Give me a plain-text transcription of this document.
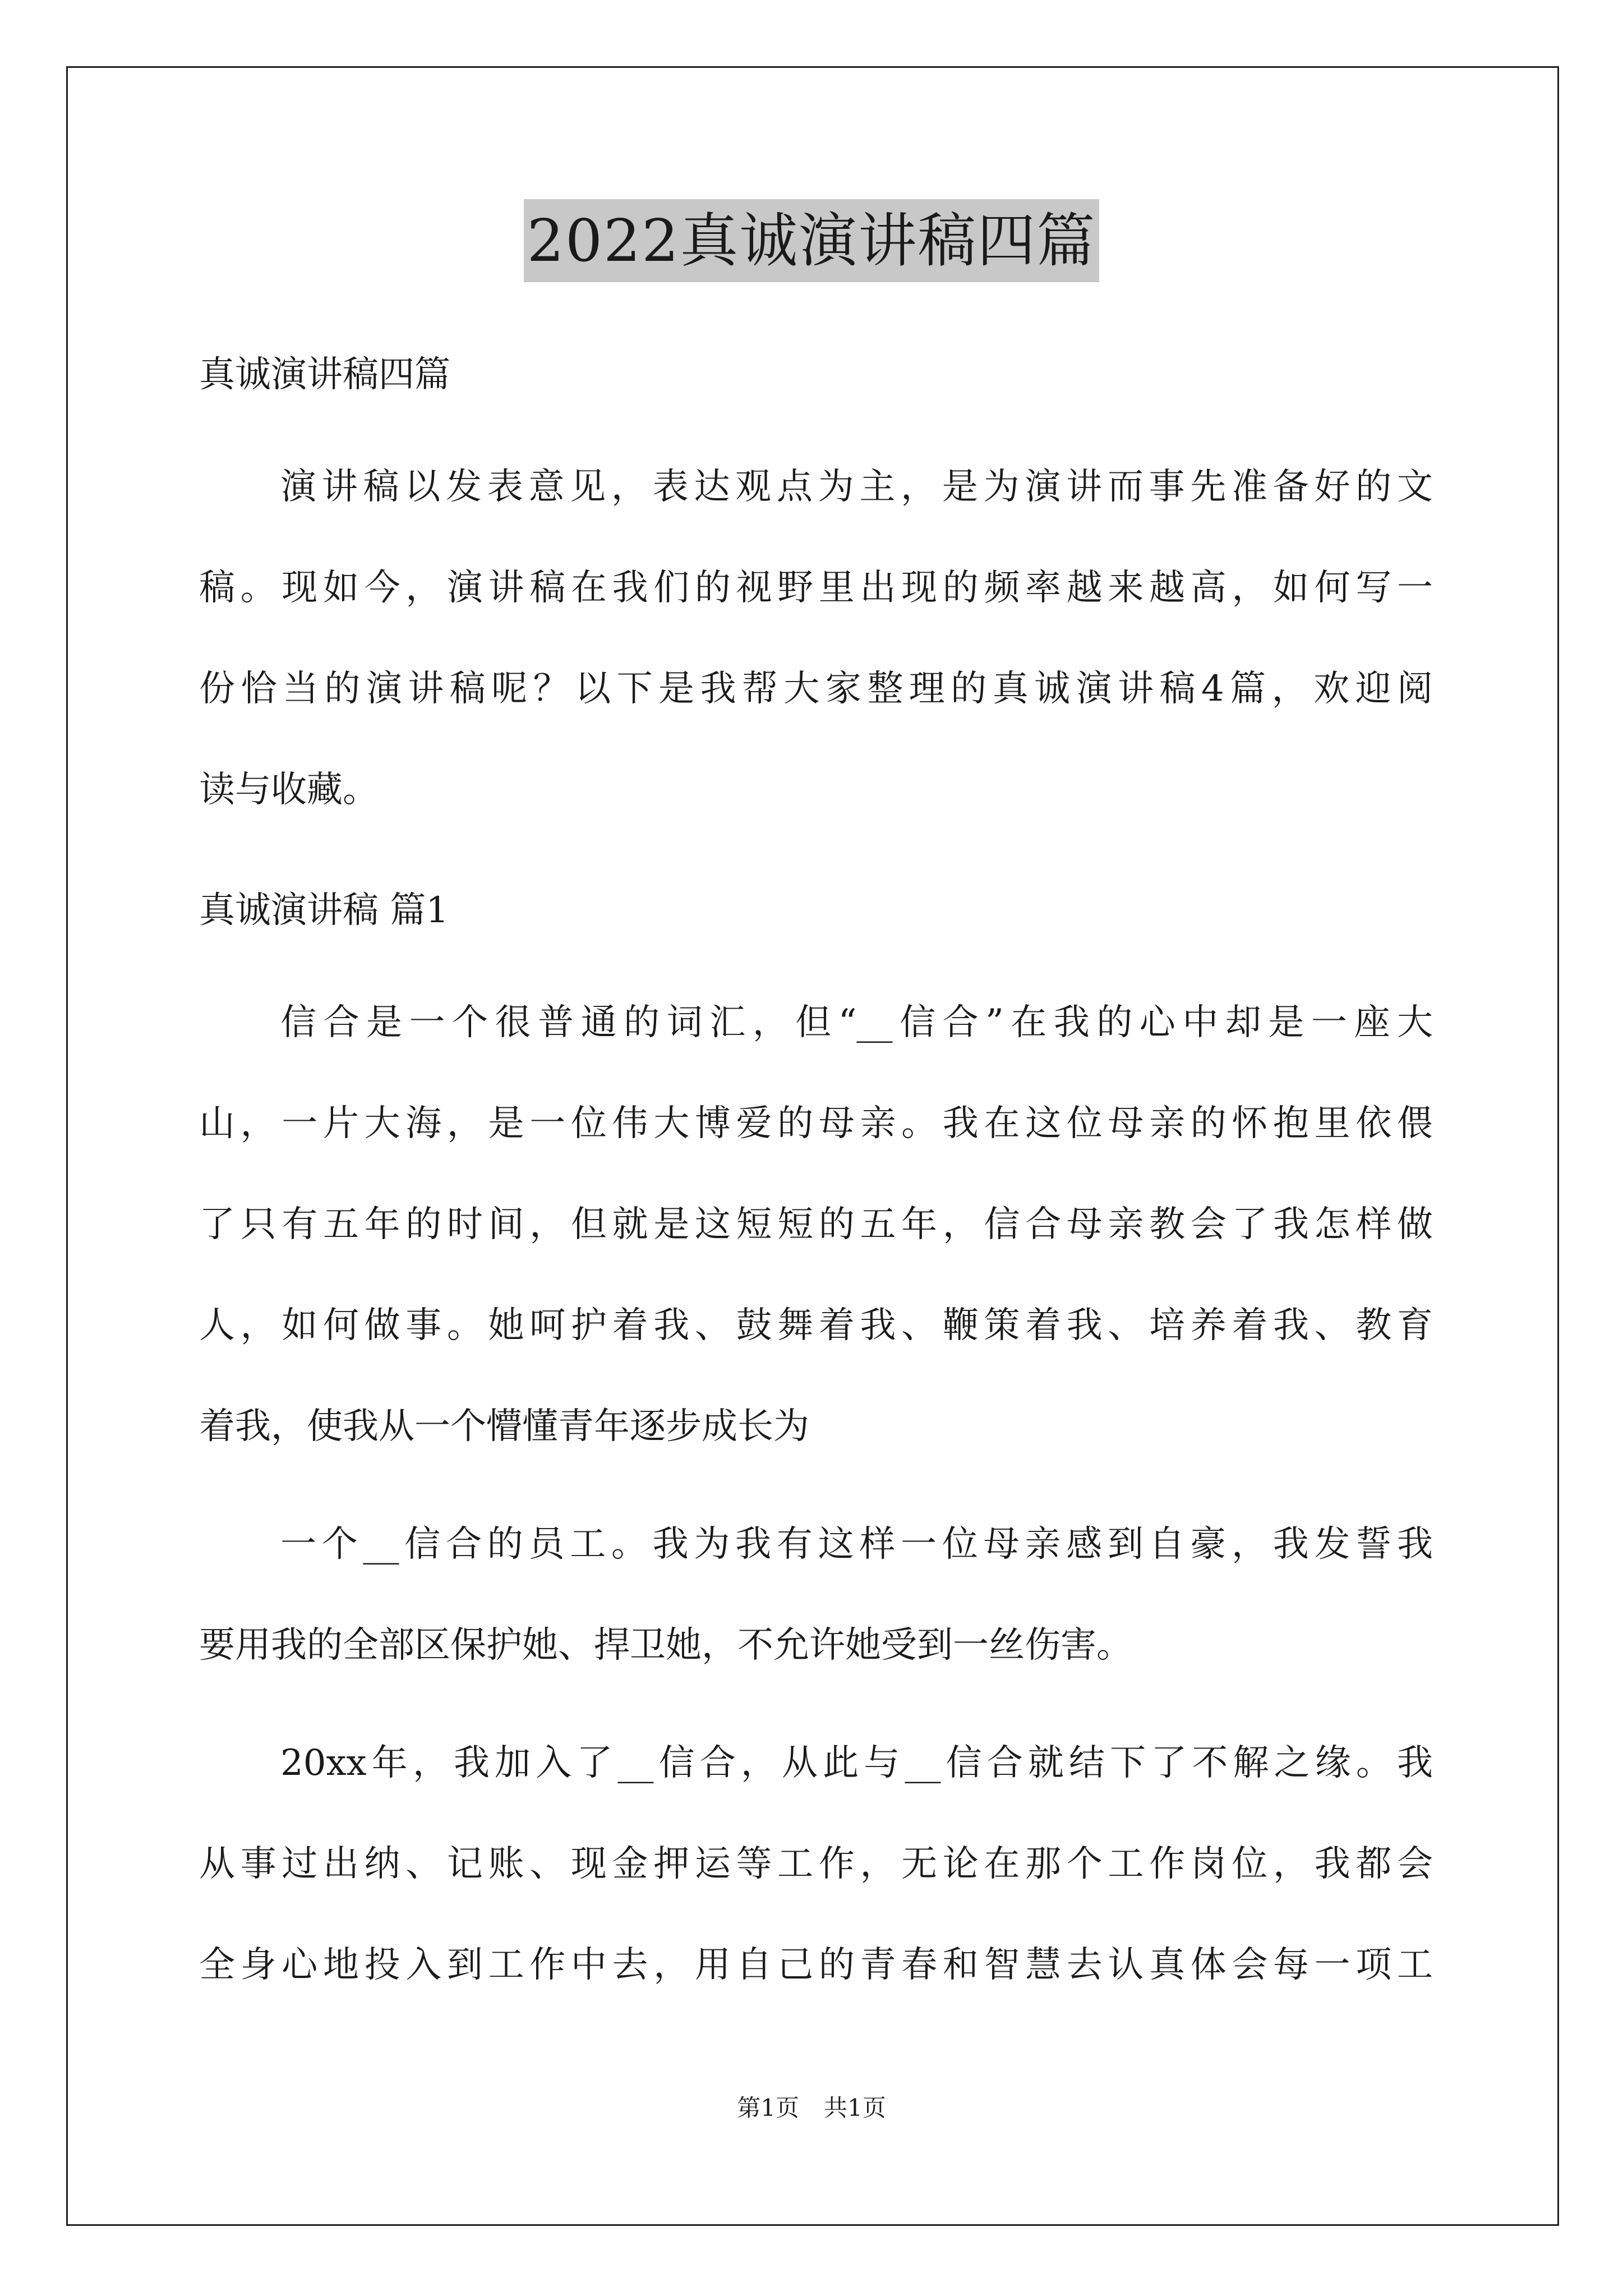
2022真诚演讲稿四篇
真诚演讲稿四篇
演讲稿以发表意见，表达观点为主，是为演讲而事先准备好的文
稿。现如今，演讲稿在我们的视野里出现的频率越来越高，如何写一
份恰当的演讲稿呢？以下是我帮大家整理的真诚演讲稿4篇，欢迎阅
读与收藏。
真诚演讲稿 篇1
信合是一个很普通的词汇，但“__信合”在我的心中却是一座大
山，一片大海，是一位伟大博爱的母亲。我在这位母亲的怀抱里依偎
了只有五年的时间，但就是这短短的五年，信合母亲教会了我怎样做
人，如何做事。她呵护着我、鼓舞着我、鞭策着我、培养着我、教育
着我，使我从一个懵懂青年逐步成长为
一个__信合的员工。我为我有这样一位母亲感到自豪，我发誓我
要用我的全部区保护她、捍卫她，不允许她受到一丝伤害。
20xx年，我加入了__信合，从此与__信合就结下了不解之缘。我
从事过出纳、记账、现金押运等工作，无论在那个工作岗位，我都会
全身心地投入到工作中去，用自己的青春和智慧去认真体会每一项工
第1页 共1页
